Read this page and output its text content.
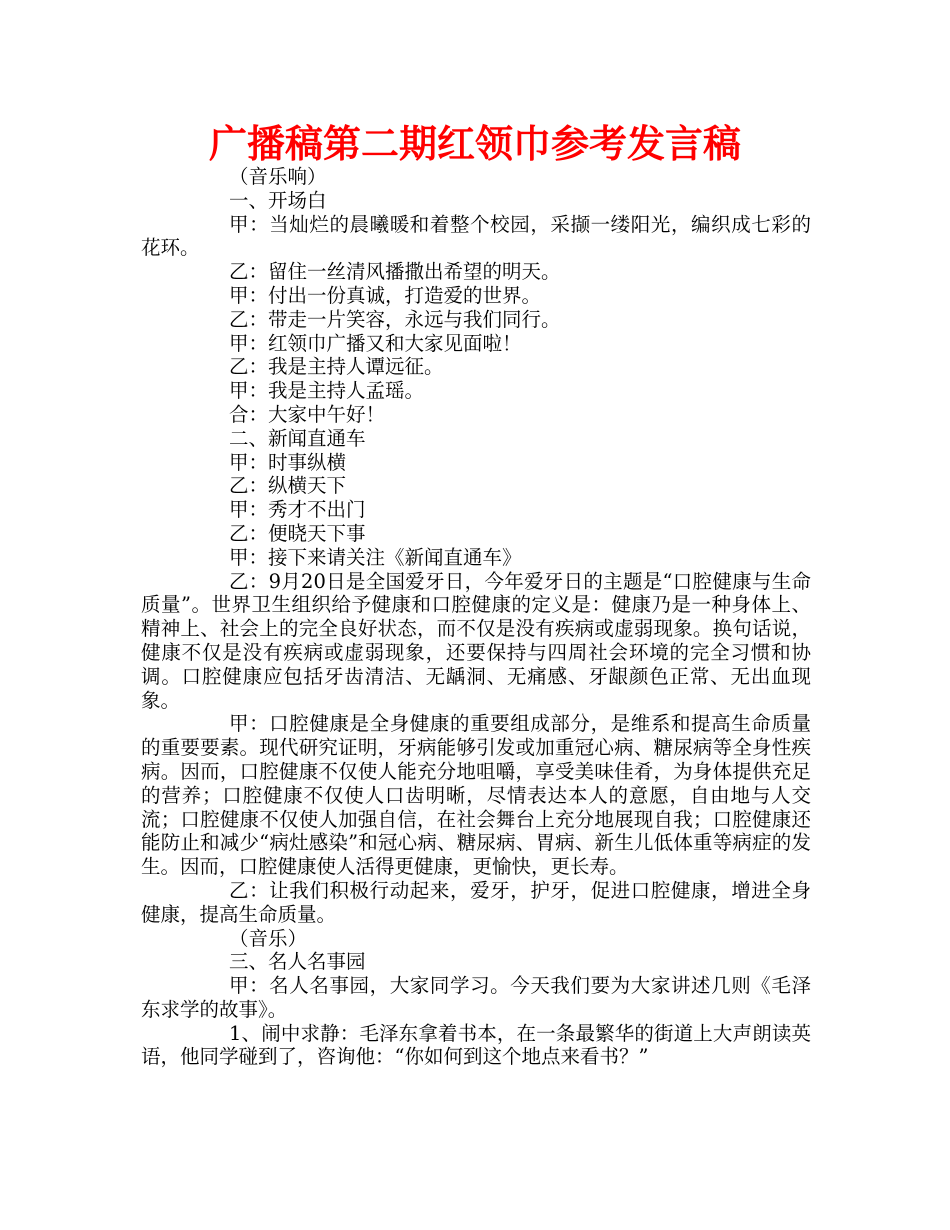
广播稿第二期红领巾参考发言稿

（音乐响）

一、开场白

甲：当灿烂的晨曦暖和着整个校园，采撷一缕阳光，编织成七彩的花环。

乙：留住一丝清风播撒出希望的明天。

甲：付出一份真诚，打造爱的世界。

乙：带走一片笑容，永远与我们同行。

甲：红领巾广播又和大家见面啦！

乙：我是主持人谭远征。

甲：我是主持人孟瑶。

合：大家中午好！

二、新闻直通车

甲：时事纵横

乙：纵横天下

甲：秀才不出门

乙：便晓天下事

甲：接下来请关注《新闻直通车》

乙：9月20日是全国爱牙日，今年爱牙日的主题是“口腔健康与生命质量”。世界卫生组织给予健康和口腔健康的定义是：健康乃是一种身体上、精神上、社会上的完全良好状态，而不仅是没有疾病或虚弱现象。换句话说，健康不仅是没有疾病或虚弱现象，还要保持与四周社会环境的完全习惯和协调。口腔健康应包括牙齿清洁、无龋洞、无痛感、牙龈颜色正常、无出血现象。

甲：口腔健康是全身健康的重要组成部分，是维系和提高生命质量的重要要素。现代研究证明，牙病能够引发或加重冠心病、糖尿病等全身性疾病。因而，口腔健康不仅使人能充分地咀嚼，享受美味佳肴，为身体提供充足的营养；口腔健康不仅使人口齿明晰，尽情表达本人的意愿，自由地与人交流；口腔健康不仅使人加强自信，在社会舞台上充分地展现自我；口腔健康还能防止和减少“病灶感染”和冠心病、糖尿病、胃病、新生儿低体重等病症的发生。因而，口腔健康使人活得更健康，更愉快，更长寿。

乙：让我们积极行动起来，爱牙，护牙，促进口腔健康，增进全身健康，提高生命质量。

（音乐）

三、名人名事园

甲：名人名事园，大家同学习。今天我们要为大家讲述几则《毛泽东求学的故事》。

1、闹中求静：毛泽东拿着书本，在一条最繁华的街道上大声朗读英语，他同学碰到了，咨询他：“你如何到这个地点来看书？”
